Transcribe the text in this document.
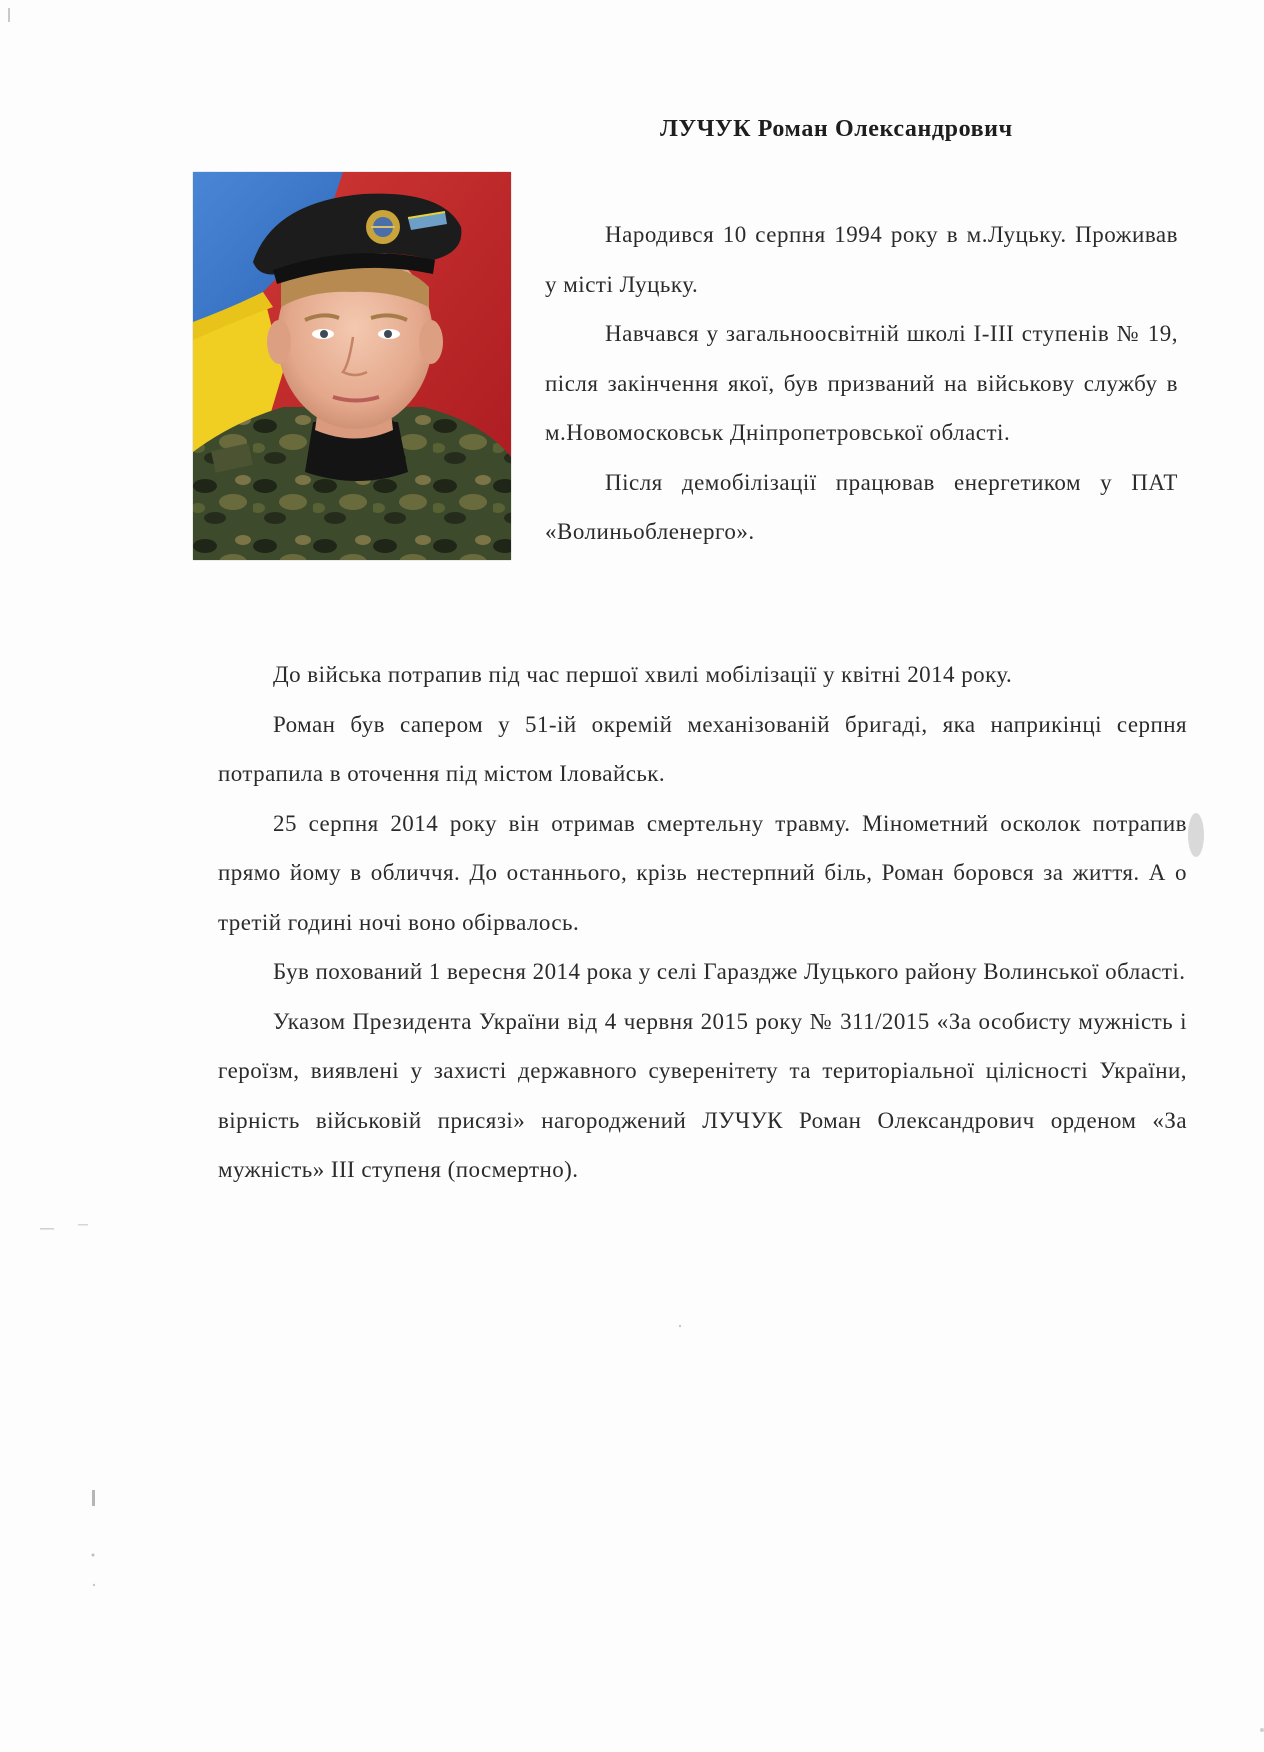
ЛУЧУК Роман Олександрович

Народився 10 серпня 1994 року в м.Луцьку. Проживав у місті Луцьку.

Навчався у загальноосвітній школі І-ІІІ ступенів № 19, після закінчення якої, був призваний на військову службу в м.Новомосковськ Дніпропетровської області.

Після демобілізації працював енергетиком у ПАТ «Волиньобленерго».

До війська потрапив під час першої хвилі мобілізації у квітні 2014 року.

Роман був сапером у 51-ій окремій механізованій бригаді, яка наприкінці серпня потрапила в оточення під містом Іловайськ.

25 серпня 2014 року він отримав смертельну травму. Мінометний осколок потрапив прямо йому в обличчя. До останнього, крізь нестерпний біль, Роман боровся за життя. А о третій годині ночі воно обірвалось.

Був похований 1 вересня 2014 рока у селі Гараздже Луцького району Волинської області.

Указом Президента України від 4 червня 2015 року № 311/2015 «За особисту мужність і героїзм, виявлені у захисті державного суверенітету та територіальної цілісності України, вірність військовій присязі» нагороджений ЛУЧУК Роман Олександрович орденом «За мужність» ІІІ ступеня (посмертно).
